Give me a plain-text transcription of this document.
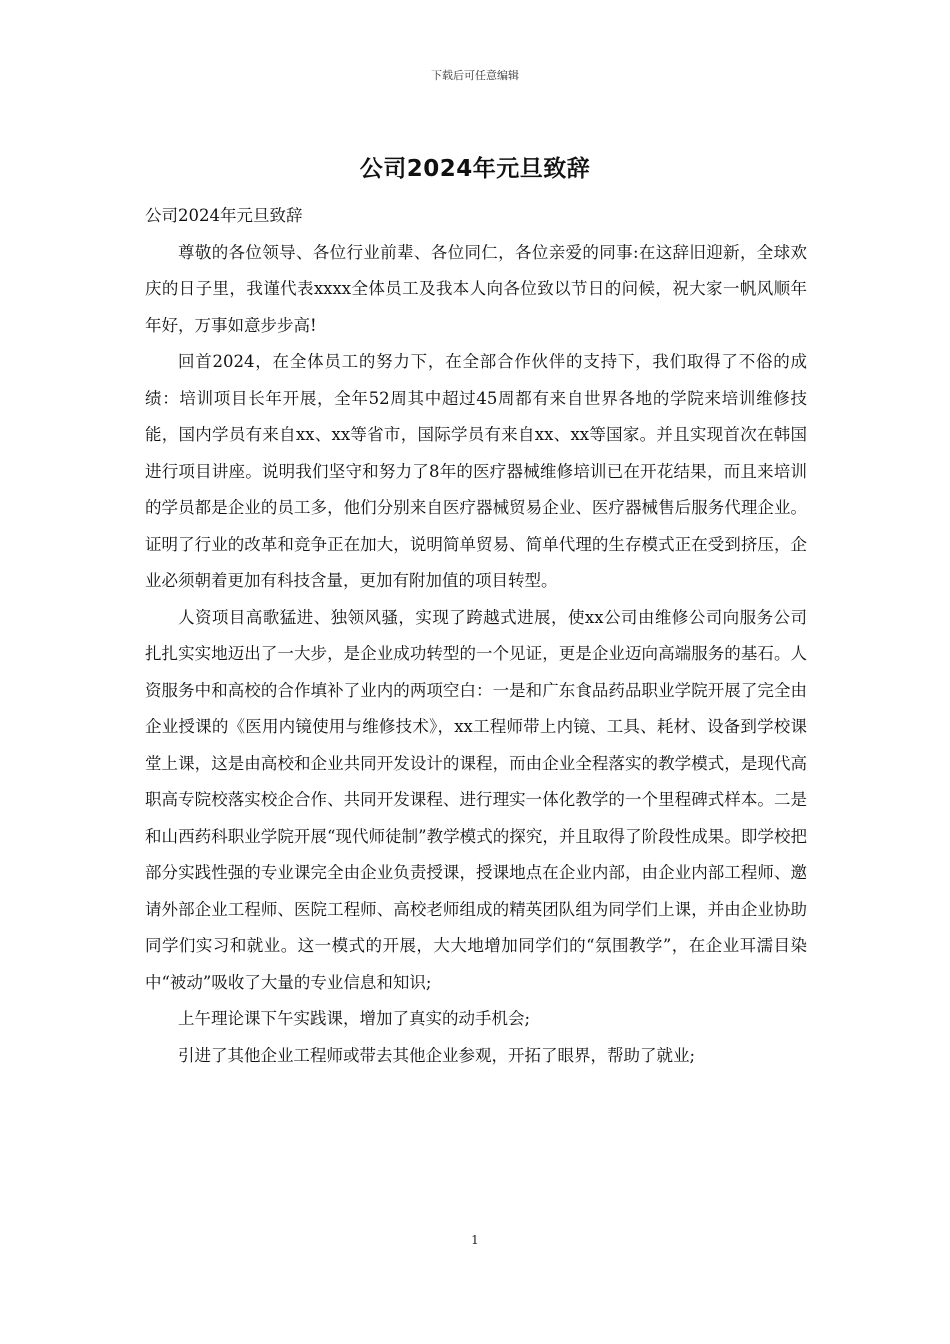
下载后可任意编辑
公司2024年元旦致辞

公司2024年元旦致辞

尊敬的各位领导、各位行业前辈、各位同仁，各位亲爱的同事:在这辞旧迎新，全球欢庆的日子里，我谨代表xxxx全体员工及我本人向各位致以节日的问候，祝大家一帆风顺年年好，万事如意步步高!

回首2024，在全体员工的努力下，在全部合作伙伴的支持下，我们取得了不俗的成绩：培训项目长年开展，全年52周其中超过45周都有来自世界各地的学院来培训维修技能，国内学员有来自xx、xx等省市，国际学员有来自xx、xx等国家。并且实现首次在韩国进行项目讲座。说明我们坚守和努力了8年的医疗器械维修培训已在开花结果，而且来培训的学员都是企业的员工多，他们分别来自医疗器械贸易企业、医疗器械售后服务代理企业。证明了行业的改革和竞争正在加大，说明简单贸易、简单代理的生存模式正在受到挤压，企业必须朝着更加有科技含量，更加有附加值的项目转型。

人资项目高歌猛进、独领风骚，实现了跨越式进展，使xx公司由维修公司向服务公司扎扎实实地迈出了一大步，是企业成功转型的一个见证，更是企业迈向高端服务的基石。人资服务中和高校的合作填补了业内的两项空白：一是和广东食品药品职业学院开展了完全由企业授课的《医用内镜使用与维修技术》，xx工程师带上内镜、工具、耗材、设备到学校课堂上课，这是由高校和企业共同开发设计的课程，而由企业全程落实的教学模式，是现代高职高专院校落实校企合作、共同开发课程、进行理实一体化教学的一个里程碑式样本。二是和山西药科职业学院开展“现代师徒制”教学模式的探究，并且取得了阶段性成果。即学校把部分实践性强的专业课完全由企业负责授课，授课地点在企业内部，由企业内部工程师、邀请外部企业工程师、医院工程师、高校老师组成的精英团队组为同学们上课，并由企业协助同学们实习和就业。这一模式的开展，大大地增加同学们的“氛围教学”，在企业耳濡目染中“被动”吸收了大量的专业信息和知识;

上午理论课下午实践课，增加了真实的动手机会;

引进了其他企业工程师或带去其他企业参观，开拓了眼界，帮助了就业;

1
